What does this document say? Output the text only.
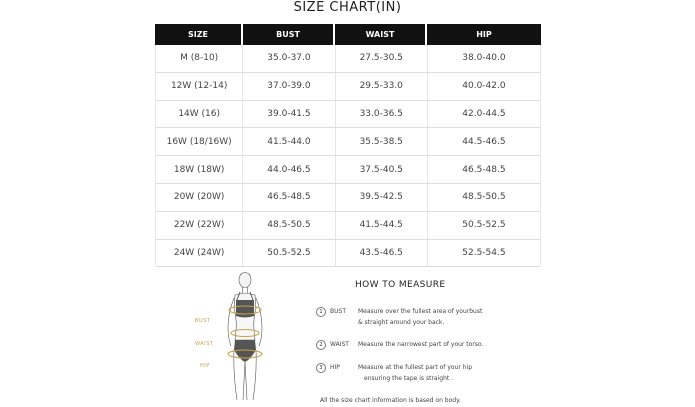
SIZE CHART(IN)
SIZE	BUST	WAIST	HIP
M (8-10)	35.0-37.0	27.5-30.5	38.0-40.0
12W (12-14)	37.0-39.0	29.5-33.0	40.0-42.0
14W (16)	39.0-41.5	33.0-36.5	42.0-44.5
16W (18/16W)	41.5-44.0	35.5-38.5	44.5-46.5
18W (18W)	44.0-46.5	37.5-40.5	46.5-48.5
20W (20W)	46.5-48.5	39.5-42.5	48.5-50.5
22W (22W)	48.5-50.5	41.5-44.5	50.5-52.5
24W (24W)	50.5-52.5	43.5-46.5	52.5-54.5
BUST
WAIST
HIP
HOW TO MEASURE
1	BUST Measure over the fullest area of yourbust
& straight around your back.
2	WAIST Measure the narrowest part of your torso.
3	HIP	Measure at the fullest part of your hip
ensuring the tape is straight .
All the size chart information is based on body.
